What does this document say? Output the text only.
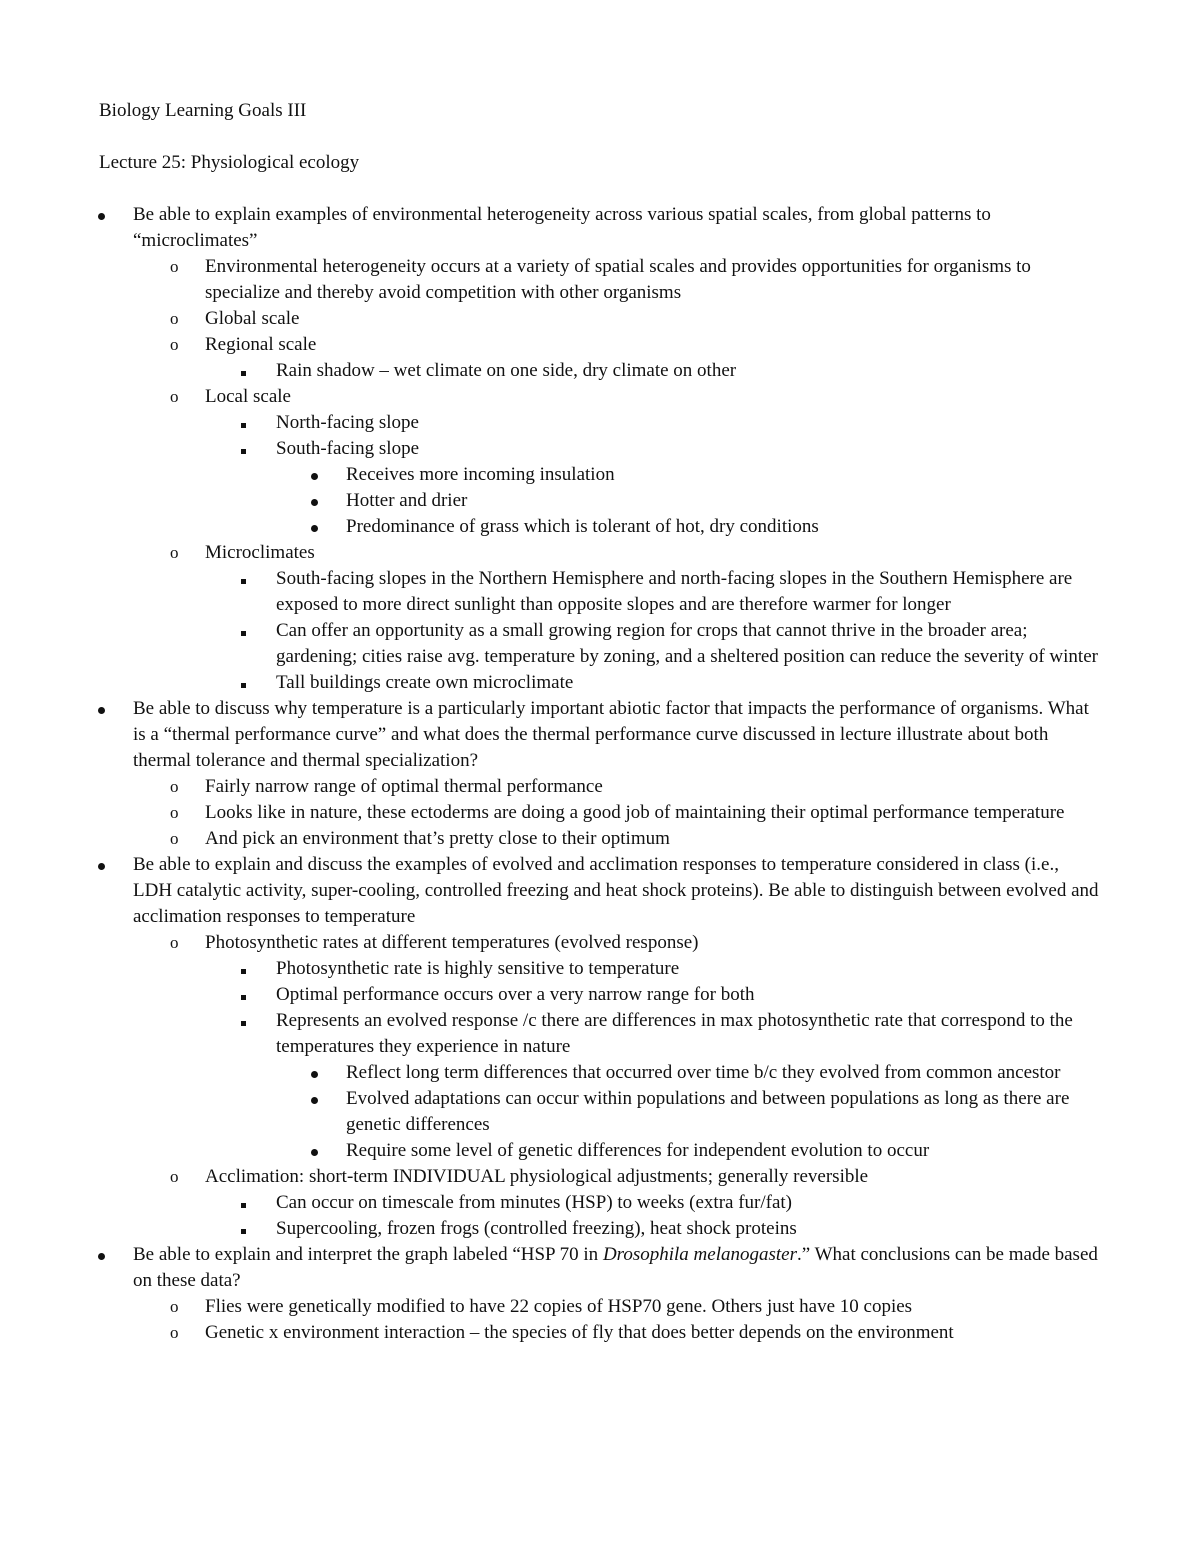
Biology Learning Goals III
Lecture 25: Physiological ecology
Be able to explain examples of environmental heterogeneity across various spatial scales, from global patterns to “microclimates”
o Environmental heterogeneity occurs at a variety of spatial scales and provides opportunities for organisms to specialize and thereby avoid competition with other organisms
o Global scale
o Regional scale
Rain shadow – wet climate on one side, dry climate on other
o Local scale
North-facing slope
South-facing slope
Receives more incoming insulation
Hotter and drier
Predominance of grass which is tolerant of hot, dry conditions
o Microclimates
South-facing slopes in the Northern Hemisphere and north-facing slopes in the Southern Hemisphere are exposed to more direct sunlight than opposite slopes and are therefore warmer for longer
Can offer an opportunity as a small growing region for crops that cannot thrive in the broader area; gardening; cities raise avg. temperature by zoning, and a sheltered position can reduce the severity of winter
Tall buildings create own microclimate
Be able to discuss why temperature is a particularly important abiotic factor that impacts the performance of organisms. What is a “thermal performance curve” and what does the thermal performance curve discussed in lecture illustrate about both thermal tolerance and thermal specialization?
o Fairly narrow range of optimal thermal performance
o Looks like in nature, these ectoderms are doing a good job of maintaining their optimal performance temperature
o And pick an environment that’s pretty close to their optimum
Be able to explain and discuss the examples of evolved and acclimation responses to temperature considered in class (i.e., LDH catalytic activity, super-cooling, controlled freezing and heat shock proteins). Be able to distinguish between evolved and acclimation responses to temperature
o Photosynthetic rates at different temperatures (evolved response)
Photosynthetic rate is highly sensitive to temperature
Optimal performance occurs over a very narrow range for both
Represents an evolved response /c there are differences in max photosynthetic rate that correspond to the temperatures they experience in nature
Reflect long term differences that occurred over time b/c they evolved from common ancestor
Evolved adaptations can occur within populations and between populations as long as there are genetic differences
Require some level of genetic differences for independent evolution to occur
o Acclimation: short-term INDIVIDUAL physiological adjustments; generally reversible
Can occur on timescale from minutes (HSP) to weeks (extra fur/fat)
Supercooling, frozen frogs (controlled freezing), heat shock proteins
Be able to explain and interpret the graph labeled “HSP 70 in Drosophila melanogaster.” What conclusions can be made based on these data?
o Flies were genetically modified to have 22 copies of HSP70 gene. Others just have 10 copies
o Genetic x environment interaction – the species of fly that does better depends on the environment
